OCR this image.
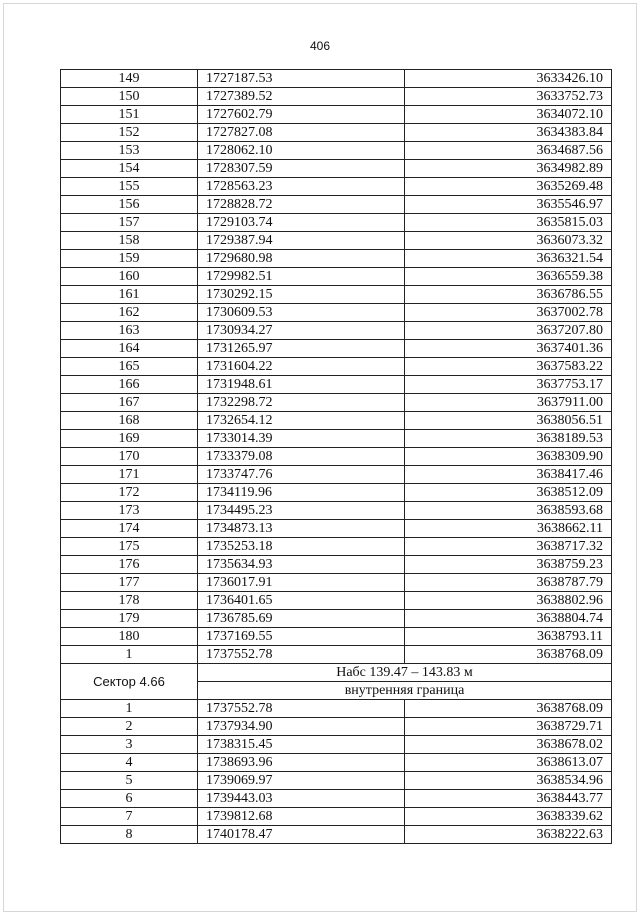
406
149	1727187.53	3633426.10
150	1727389.52	3633752.73
151	1727602.79	3634072.10
152	1727827.08	3634383.84
153	1728062.10	3634687.56
154	1728307.59	3634982.89
155	1728563.23	3635269.48
156	1728828.72	3635546.97
157	1729103.74	3635815.03
158	1729387.94	3636073.32
159	1729680.98	3636321.54
160	1729982.51	3636559.38
161	1730292.15	3636786.55
162	1730609.53	3637002.78
163	1730934.27	3637207.80
164	1731265.97	3637401.36
165	1731604.22	3637583.22
166	1731948.61	3637753.17
167	1732298.72	3637911.00
168	1732654.12	3638056.51
169	1733014.39	3638189.53
170	1733379.08	3638309.90
171	1733747.76	3638417.46
172	1734119.96	3638512.09
173	1734495.23	3638593.68
174	1734873.13	3638662.11
175	1735253.18	3638717.32
176	1735634.93	3638759.23
177	1736017.91	3638787.79
178	1736401.65	3638802.96
179	1736785.69	3638804.74
180	1737169.55	3638793.11
1	1737552.78	3638768.09
Сектор 4.66	Набс 139.47 – 143.83 м	
	внутренняя граница	
1	1737552.78	3638768.09
2	1737934.90	3638729.71
3	1738315.45	3638678.02
4	1738693.96	3638613.07
5	1739069.97	3638534.96
6	1739443.03	3638443.77
7	1739812.68	3638339.62
8	1740178.47	3638222.63
